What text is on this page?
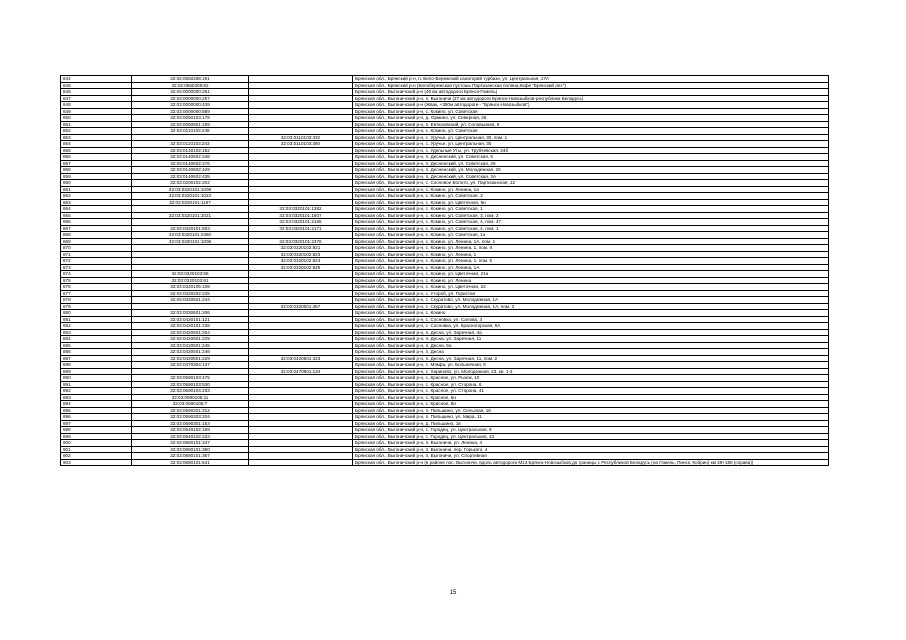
844	32:02:0550308:191		Брянская обл., Брянский р-н, п. Бело-Бережский санаторий турбазе, ул. Центральная, 17А
845	32:02:0550308:82		Брянская обл., Брянский р-н (Белобережская пустошь Партизанская поляна,Кафе "Брянский лес")
846	32:03:0000000:251		Брянская обл., Выгоничский р-н (46 км автодороги Брянск-Гомель)
847	32:03:0000000:257		Брянская обл., Выгоничский р-н, п. Выгоничи (27 км автодороги Брянск-Новозыбков-республика Беларусь)
848	32:03:0000000:439		Брянская обл., Выгоничский р-н (Жвак, +350м автодороги - "Брянск-Новозыбков")
849	32:03:0000000:889		Брянская обл., Выгоничский р-н, с. Кокино, ул. Советская
850	32:03:0050103:176		Брянская обл., Выгоничский р-н, д. Ормино, ул. Северная, 26
851	32:03:0050801:159		Брянская обл., Выгоничский р-н, п. Евтюховский, ул. Соловьиная, 9
852	32:03:0110103:248		Брянская обл., Выгоничский р-н, с. Кокино, ул. Советская
853		32:03:0110103:332	Брянская обл., Выгоничский р-н, с. Уручье, ул. Центральная, 30, пом. 1
854	32:03:0110103:243	32:03:0110103:360	Брянская обл., Выгоничский р-н, с. Уручье, ул. Центральная, 30
855	32:03:0140102:182		Брянская обл., Выгоничский р-н, с. Удельные Уты, ул. Трубчевская, 24б
856	32:03:0140602:248		Брянская обл., Выгоничский р-н, п. Десненский, ул. Советская, 6
857	32:03:0140602:276		Брянская обл., Выгоничский р-н, п. Десненский, ул. Советская, 26
858	32:03:0140602:429		Брянская обл., Выгоничский р-н, п. Десненский, ул. Молодежная, 26
859	32:03:0140602:435		Брянская обл., Выгоничский р-н, п. Десненский, ул. Советская, 3А
860	32:03:0200102:202		Брянская обл., Выгоничский р-н, с. Сосновое Болото, ул. Партизанская, 12
861	32:03:0320101:1008		Брянская обл., Выгоничский р-н, с. Кокино, ул. Ленина, 1а
862	32:03:0320101:1023		Брянская обл., Выгоничский р-н, с. Кокино, ул. Советская, 3
863	32:03:0320101:1197		Брянская обл., Выгоничский р-н, с. Кокино, ул. Цветочная, 6н
864		32:03:0320101:1382	Брянская обл., Выгоничский р-н, с. Кокино, ул. Советская, 1
865	32:03:0320101:1021	32:03:0320101:1607	Брянская обл., Выгоничский р-н, с. Кокино, ул. Советская, 3, пом. 2
866		32:03:0320101:2166	Брянская обл., Выгоничский р-н, с. Кокино, ул. Советская, 4, пом. 47
867	32:03:0320101:933	32:03:0320101:2171	Брянская обл., Выгоничский р-н, с. Кокино, ул. Советская, 4, пом. 1
868	32:03:0320101:2360		Брянская обл., Выгоничский р-н, с. Кокино, ул. Советская, 1а
869	32:03:0320101:1008	32:03:0320101:2376	Брянская обл., Выгоничский р-н, с. Кокино, ул. Ленина, 1А, пом. 1
870		32:03:0320102:821	Брянская обл., Выгоничский р-н, с. Кокино, ул. Ленина, 1, пом. II
871		32:03:0320102:823	Брянская обл., Выгоничский р-н, с. Кокино, ул. Ленина, 1
872		32:03:0320102:824	Брянская обл., Выгоничский р-н, с. Кокино, ул. Ленина, 1, пом. 5
873		32:03:0320102:825	Брянская обл., Выгоничский р-н, с. Кокино, ул. Ленина, 1А
874	32:03:0320103:86		Брянская обл., Выгоничский р-н, с. Кокино, ул. Цветочная, 21а
875	32:03:0320103:81		Брянская обл., Выгоничский р-н, с. Кокино, ул. Ленина
876	32:03:0320105:108		Брянская обл., Выгоничский р-н, с. Кокино, ул. Цветочная, 22
877	32:03:0320202:225		Брянская обл., Выгоничский р-н, с. Утороб, ул. Гористая
878	32:03:0320501:244		Брянская обл., Выгоничский р-н, с. Скуратово, ул. Молодежная, 1А
879		32:03:0320501:457	Брянская обл., Выгоничский р-н, с. Скуратово, ул. Молодежная, 1А, пом. 3
880	32:03:0330601:206		Брянская обл., Выгоничский р-н, с. Кокино
881	32:03:0420101:121		Брянская обл., Выгоничский р-н, с. Сосновка, ул. Салова, 3
882	32:03:0420101:238		Брянская обл., Выгоничский р-н, с. Сосновка, ул. Красногорская, 6А
883	32:03:0420501:204		Брянская обл., Выгоничский р-н, п. Десна, ул. Заречная, 4а
884	32:03:0420501:229		Брянская обл., Выгоничский р-н, п. Десна, ул. Заречная, 11
885	32:03:0420501:245		Брянская обл., Выгоничский р-н, п. Десна, 6а
886	32:03:0420501:246		Брянская обл., Выгоничский р-н, п. Десна
887	32:03:0420501:229	32:03:0420501:323	Брянская обл., Выгоничский р-н, п. Десна, ул. Заречная, 11, пом. 2
888	32:03:0470304:137		Брянская обл., Выгоничский р-н, с. Мякфа, ул. Больничная, 8
889		32:03:0470801:134	Брянская обл., Выгоничский р-н, с. Хариново, ул. Молодежная, 23, кв. 1-3
890	32:03:0590103:475		Брянская обл., Выгоничский р-н, с. Красное, ул. Рынок, 10
891	32:03:0590103:530		Брянская обл., Выгоничский р-н, с. Красное, ул. Сторона, 6
892	32:03:0590104:233		Брянская обл., Выгоничский р-н, с. Красное, ул. Сторона, 41
893	32:03:0590105:11		Брянская обл., Выгоничский р-н, с. Красное, 6н
894	32:03:0590105:7		Брянская обл., Выгоничский р-н, с. Красное, 6н
895	32:03:0590201:312		Брянская обл., Выгоничский р-н, п. Пильшино, ул. Сельская, 16
896	32:03:0590303:204		Брянская обл., Выгоничский р-н, п. Пильшино, ул. Мира, 11
897	32:03:0590301:153		Брянская обл., Выгоничский р-н, д. Пильшино, 1в
898	32:03:0640102:159		Брянская обл., Выгоничский р-н, с. Городец, ул. Центральная, 9
899	32:03:0640102:233		Брянская обл., Выгоничский р-н, с. Городец, ул. Центральная, 13
900	32:03:0680101:347		Брянская обл., Выгоничский р-н, п. Выгоничи, ул. Ленина, 4
901	32:03:0680101:360		Брянская обл., Выгоничский р-н, п. Выгоничи, пер. Горького, 4
902	32:03:0680101:367		Брянская обл., Выгоничский р-н, п. Выгоничи, ул. Спортивная
903	32:03:0680101:641		Брянская обл., Выгоничский р-н (в районе пос. Выгоничи, вдоль автодороги М13 Брянск-Новозыбков,до границы с Республикой Беларусь (на Гомель, Пинск, Кобрин) км 39+180 (справа))
15
